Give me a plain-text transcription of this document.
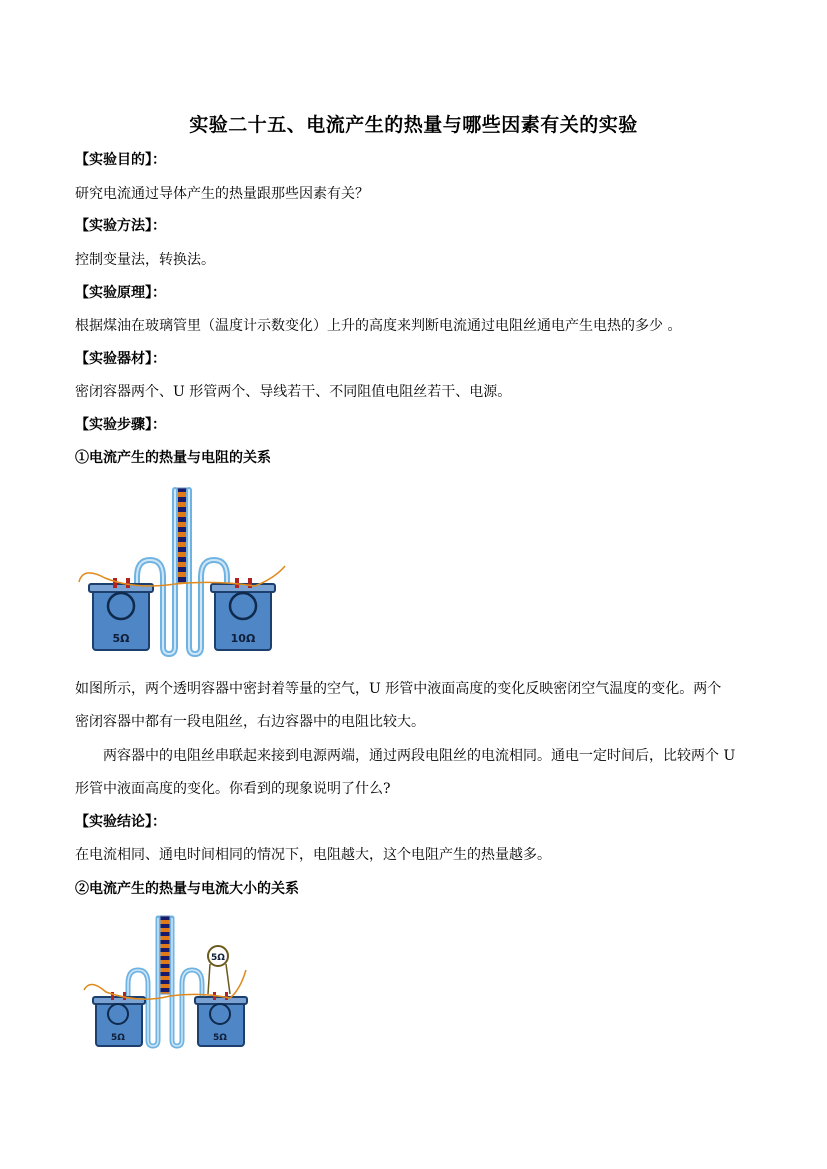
实验二十五、电流产生的热量与哪些因素有关的实验
【实验目的】：
研究电流通过导体产生的热量跟那些因素有关？
【实验方法】：
控制变量法，转换法。
【实验原理】：
根据煤油在玻璃管里（温度计示数变化）上升的高度来判断电流通过电阻丝通电产生电热的多少 。
【实验器材】：
密闭容器两个、U 形管两个、导线若干、不同阻值电阻丝若干、电源。
【实验步骤】：
①电流产生的热量与电阻的关系
5Ω	10Ω
如图所示，两个透明容器中密封着等量的空气，U 形管中液面高度的变化反映密闭空气温度的变化。两个
密闭容器中都有一段电阻丝，右边容器中的电阻比较大。
两容器中的电阻丝串联起来接到电源两端，通过两段电阻丝的电流相同。通电一定时间后，比较两个 U
形管中液面高度的变化。你看到的现象说明了什么?
【实验结论】：
在电流相同、通电时间相同的情况下，电阻越大，这个电阻产生的热量越多。
②电流产生的热量与电流大小的关系
5Ω	5Ω
5Ω
